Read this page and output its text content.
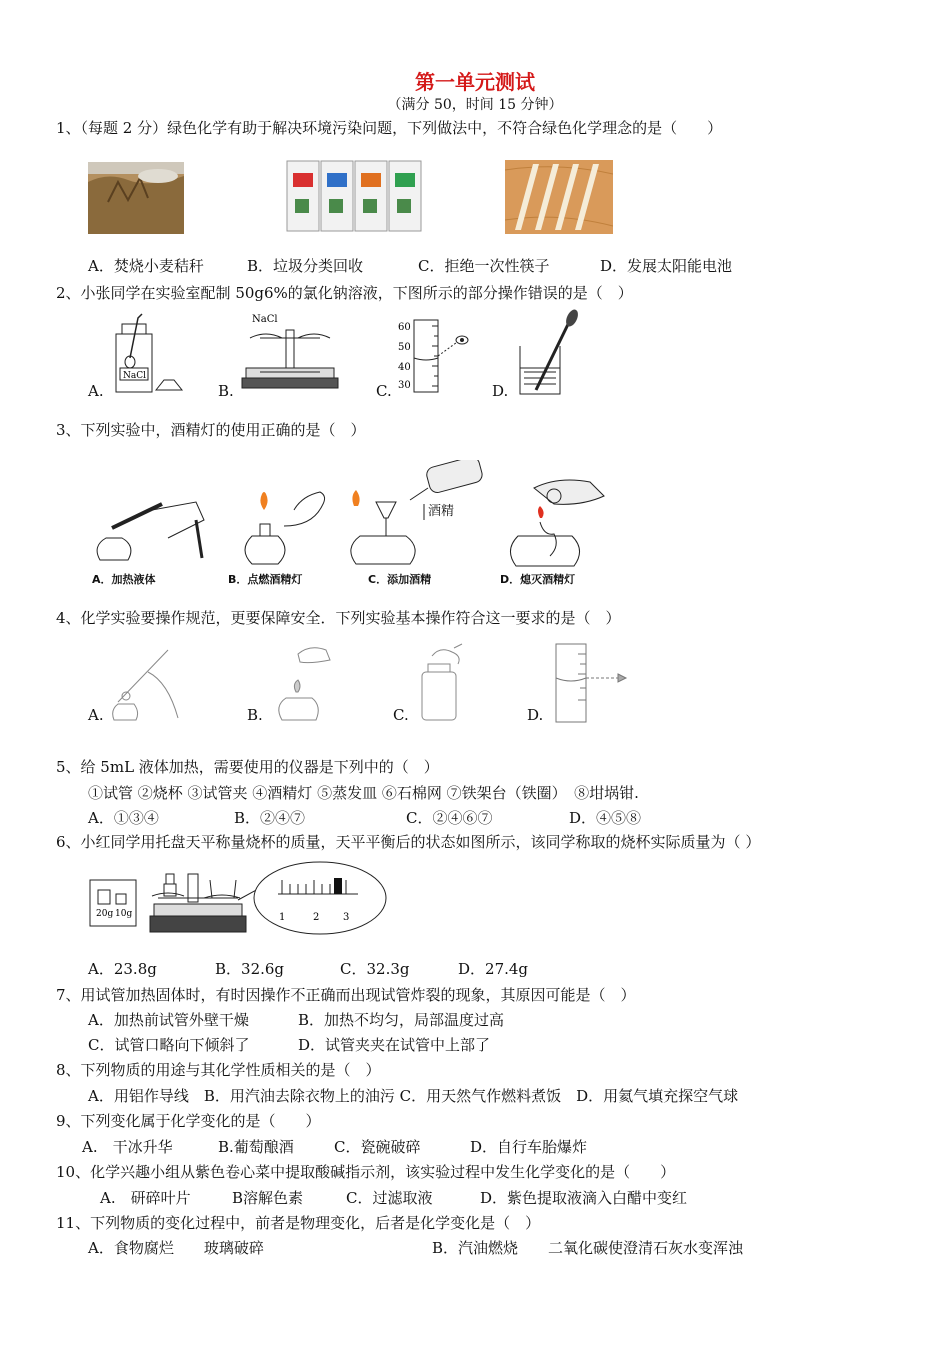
第一单元测试
（满分 50，时间 15 分钟）
1、（每题 2 分）绿色化学有助于解决环境污染问题，下列做法中，不符合绿色化学理念的是（　　）
A．焚烧小麦秸秆	B．垃圾分类回收	C．拒绝一次性筷子	D．发展太阳能电池
2、小张同学在实验室配制 50g6%的氯化钠溶液，下图所示的部分操作错误的是（　）
A.
NaCl
B.
NaCl
C.
60
50
40
30	D.
3、下列实验中，酒精灯的使用正确的是（　）
A．加热液体	B．点燃酒精灯
酒精
C．添加酒精	D．熄灭酒精灯
4、化学实验要操作规范，更要保障安全．下列实验基本操作符合这一要求的是（　）
A.	B.	C.	D.
5、给 5mL 液体加热，需要使用的仪器是下列中的（　）
①试管 ②烧杯 ③试管夹 ④酒精灯 ⑤蒸发皿 ⑥石棉网 ⑦铁架台（铁圈）　⑧坩埚钳.
A．①③④	B．②④⑦	C．②④⑥⑦	D．④⑤⑧
6、小红同学用托盘天平称量烧杯的质量，天平平衡后的状态如图所示，该同学称取的烧杯实际质量为（ ）
20g 10g	1	2 3
A．23.8g	B．32.6g	C．32.3g	D．27.4g
7、用试管加热固体时，有时因操作不正确而出现试管炸裂的现象，其原因可能是（　）
A．加热前试管外壁干燥	B．加热不均匀，局部温度过高
C．试管口略向下倾斜了	D．试管夹夹在试管中上部了
8、下列物质的用途与其化学性质相关的是（　）
A．用铝作导线　B．用汽油去除衣物上的油污 C．用天然气作燃料煮饭　D．用氦气填充探空气球
9、下列变化属于化学变化的是（　　）
A.　干冰升华	B.葡萄酿酒	C．瓷碗破碎	D．自行车胎爆炸
10、化学兴趣小组从紫色卷心菜中提取酸碱指示剂，该实验过程中发生化学变化的是（　　）
A.　研碎叶片	B溶解色素	C．过滤取液	D．紫色提取液滴入白醋中变红
11、下列物质的变化过程中，前者是物理变化，后者是化学变化是（　）
A．食物腐烂　　玻璃破碎	B．汽油燃烧　　二氧化碳使澄清石灰水变浑浊
